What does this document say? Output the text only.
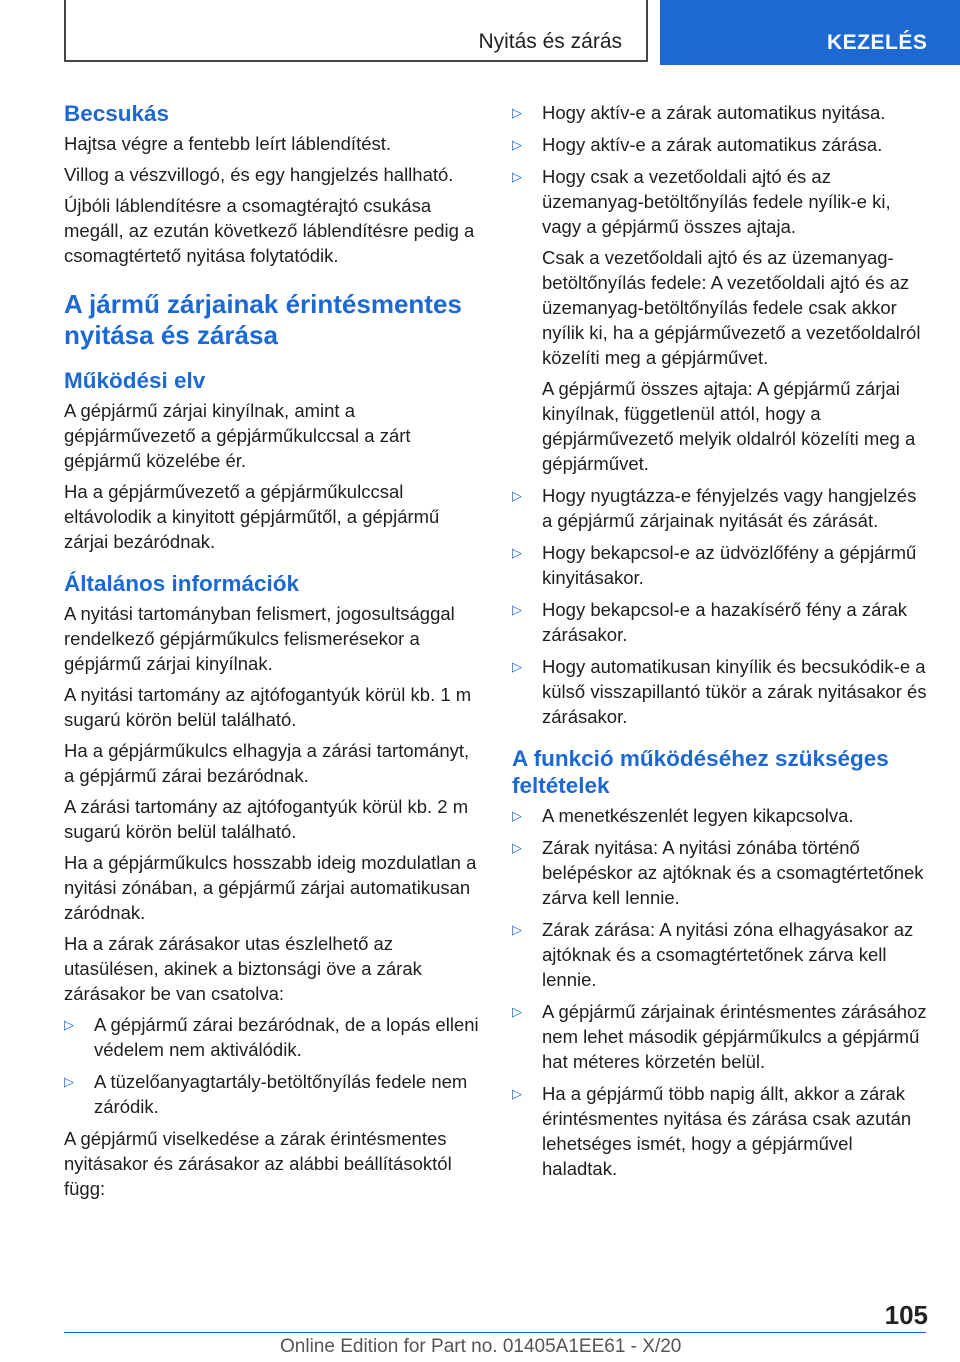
Nyitás és zárás	KEZELÉS
Becsukás

Hajtsa végre a fentebb leírt láblendítést.

Villog a vészvillogó, és egy hangjelzés hallható.

Újbóli láblendítésre a csomagtérajtó csukása megáll, az ezután következő láblendítésre pedig a csomagtértető nyitása folytatódik.

A jármű zárjainak érintésmentes nyitása és zárása
Működési elv

A gépjármű zárjai kinyílnak, amint a gépjárművezető a gépjárműkulccsal a zárt gépjármű közelébe ér.

Ha a gépjárművezető a gépjárműkulccsal eltávolodik a kinyitott gépjárműtől, a gépjármű zárjai bezáródnak.

Általános információk

A nyitási tartományban felismert, jogosultsággal rendelkező gépjárműkulcs felismerésekor a gépjármű zárjai kinyílnak.

A nyitási tartomány az ajtófogantyúk körül kb. 1 m sugarú körön belül található.

Ha a gépjárműkulcs elhagyja a zárási tartományt, a gépjármű zárai bezáródnak.

A zárási tartomány az ajtófogantyúk körül kb. 2 m sugarú körön belül található.

Ha a gépjárműkulcs hosszabb ideig mozdulatlan a nyitási zónában, a gépjármű zárjai automatikusan záródnak.

Ha a zárak zárásakor utas észlelhető az utasülésen, akinek a biztonsági öve a zárak zárásakor be van csatolva:

▷ A gépjármű zárai bezáródnak, de a lopás elleni védelem nem aktiválódik.
▷ A tüzelőanyagtartály-betöltőnyílás fedele nem záródik.

A gépjármű viselkedése a zárak érintésmentes nyitásakor és zárásakor az alábbi beállításoktól függ:

▷ Hogy aktív-e a zárak automatikus nyitása.
▷ Hogy aktív-e a zárak automatikus zárása.
▷ Hogy csak a vezetőoldali ajtó és az üzemanyag-betöltőnyílás fedele nyílik-e ki, vagy a gépjármű összes ajtaja.

Csak a vezetőoldali ajtó és az üzemanyag-betöltőnyílás fedele: A vezetőoldali ajtó és az üzemanyag-betöltőnyílás fedele csak akkor nyílik ki, ha a gépjárművezető a vezetőoldalról közelíti meg a gépjárművet.

A gépjármű összes ajtaja: A gépjármű zárjai kinyílnak, függetlenül attól, hogy a gépjárművezető melyik oldalról közelíti meg a gépjárművet.

▷ Hogy nyugtázza-e fényjelzés vagy hangjelzés a gépjármű zárjainak nyitását és zárását.
▷ Hogy bekapcsol-e az üdvözlőfény a gépjármű kinyitásakor.
▷ Hogy bekapcsol-e a hazakísérő fény a zárak zárásakor.
▷ Hogy automatikusan kinyílik és becsukódik-e a külső visszapillantó tükör a zárak nyitásakor és zárásakor.
A funkció működéséhez szükséges feltételek
▷ A menetkészenlét legyen kikapcsolva.
▷ Zárak nyitása: A nyitási zónába történő belépéskor az ajtóknak és a csomagtértetőnek zárva kell lennie.
▷ Zárak zárása: A nyitási zóna elhagyásakor az ajtóknak és a csomagtértetőnek zárva kell lennie.
▷ A gépjármű zárjainak érintésmentes zárásához nem lehet második gépjárműkulcs a gépjármű hat méteres körzetén belül.
▷ Ha a gépjármű több napig állt, akkor a zárak érintésmentes nyitása és zárása csak azután lehetséges ismét, hogy a gépjárművel haladtak.
105
Online Edition for Part no. 01405A1EE61 - X/20
